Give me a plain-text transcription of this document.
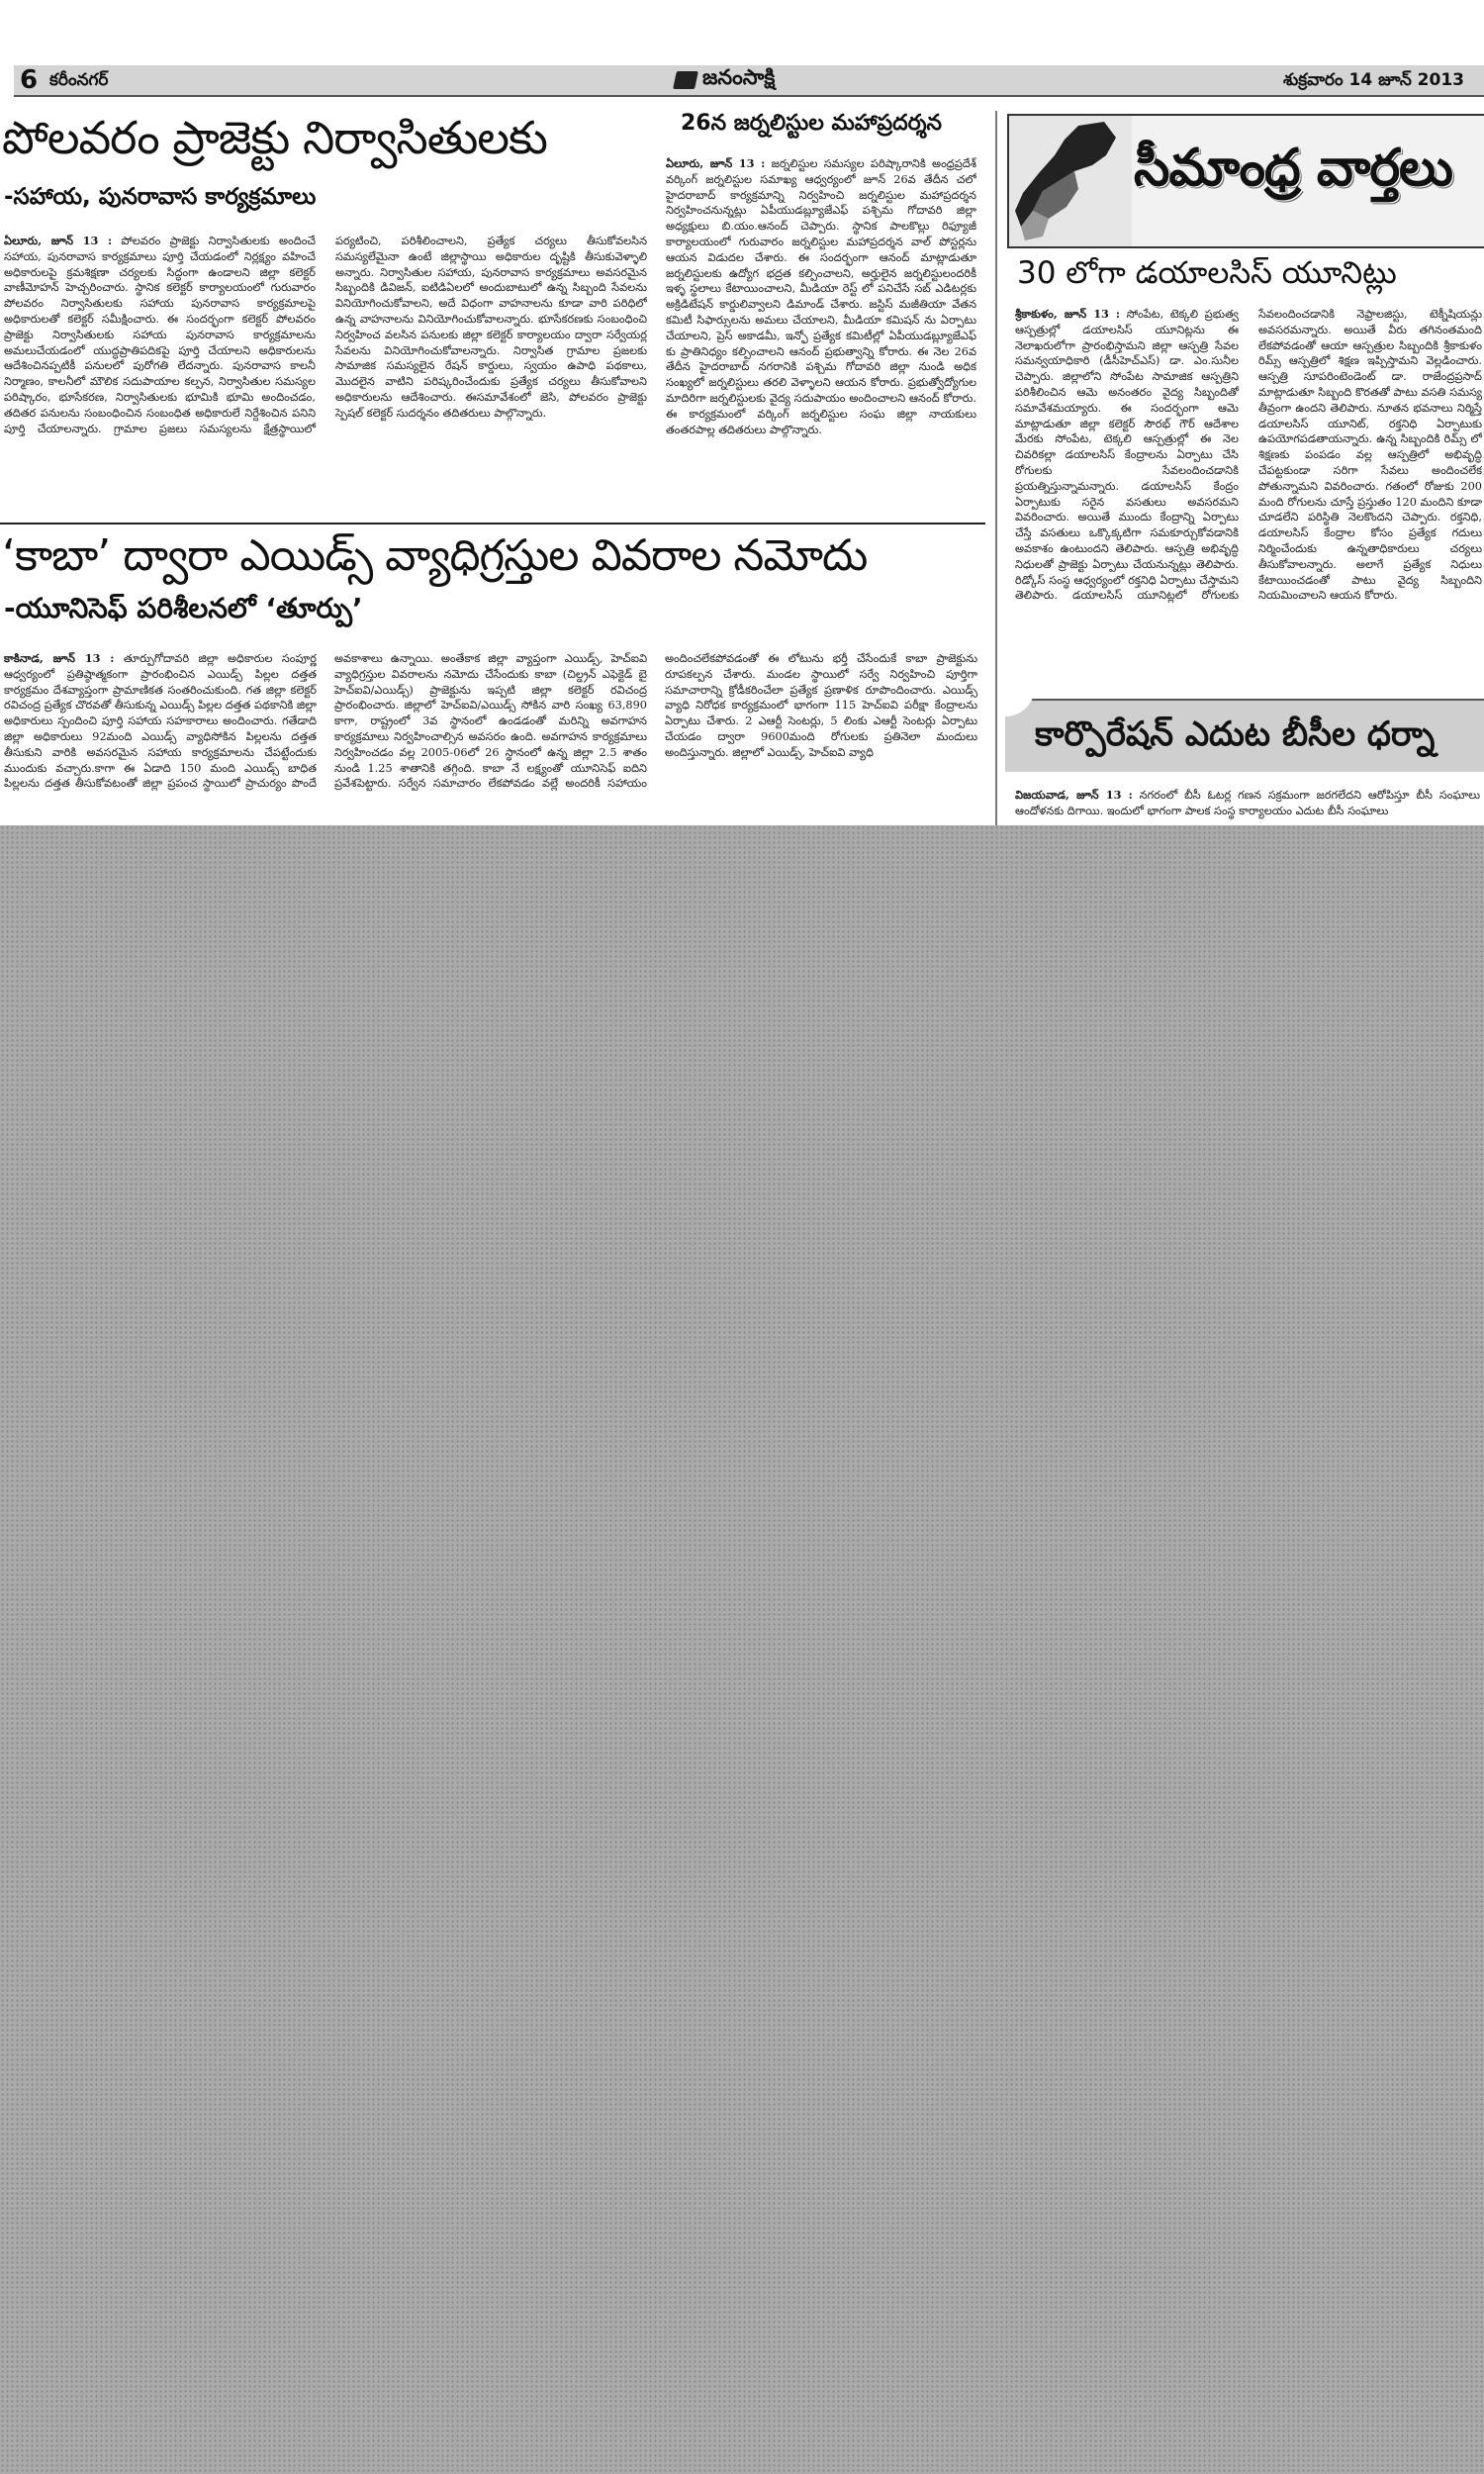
6 కరీంనగర్	జనంసాక్షి	శుక్రవారం 14 జూన్ 2013
పోలవరం ప్రాజెక్టు నిర్వాసితులకు
-సహాయ, పునరావాస కార్యక్రమాలు
ఏలూరు, జూన్ 13 : పోలవరం ప్రాజెక్టు నిర్వాసితులకు అందించే సహాయ, పునరావాస కార్యక్రమాలు పూర్తి చేయడంలో నిర్లక్ష్యం వహించే అధికారులపై క్రమశిక్షణా చర్యలకు సిద్ధంగా ఉండాలని జిల్లా కలెక్టర్ వాణీమోహన్ హెచ్చరించారు. స్థానిక కలెక్టర్ కార్యాలయంలో గురువారం పోలవరం నిర్వాసితులకు సహాయ పునరావాస కార్యక్రమాలపై అధికారులతో కలెక్టర్ సమీక్షించారు. ఈ సందర్భంగా కలెక్టర్ పోలవరం ప్రాజెక్టు నిర్వాసితులకు సహాయ పునరావాస కార్యక్రమాలను అమలుచేయడంలో యుద్ధప్రాతిపదికపై పూర్తి చేయాలని అధికారులను ఆదేశించినప్పటికీ పనులలో పురోగతి లేదన్నారు. పునరావాస కాలనీ నిర్మాణం, కాలనీలో మౌలిక సదుపాయాల కల్పన, నిర్వాసితుల సమస్యల పరిష్కారం, భూసేకరణ, నిర్వాసితులకు భూమికి భూమి అందించడం, తదితర పనులను సంబంధించిన సంబంధిత అధికారులే నిర్దేశించిన పనిని పూర్తి చేయాలన్నారు. గ్రామాల ప్రజలు సమస్యలను క్షేత్రస్థాయిలో పర్యటించి, పరిశీలించాలని, ప్రత్యేక చర్యలు తీసుకోవలసిన సమస్యలేమైనా ఉంటే జిల్లాస్థాయి అధికారుల దృష్టికి తీసుకువెళ్ళాలి అన్నారు. నిర్వాసితుల సహాయ, పునరావాస కార్యక్రమాలు అవసరమైన సిబ్బందికి డివిజన్, ఐటిడిఏలలో అందుబాటులో ఉన్న సిబ్బంది సేవలను వినియోగించుకోవాలని, అదే విధంగా వాహనాలను కూడా వారి పరిధిలో ఉన్న వాహనాలను వినియోగించుకోవాలన్నారు. భూసేకరణకు సంబంధించి నిర్వహించ వలసిన పనులకు జిల్లా కలెక్టర్ కార్యాలయం ద్వారా సర్వేయర్ల సేవలను వినియోగించుకోవాలన్నారు. నిర్వాసిత గ్రామాల ప్రజలకు సామాజిక సమస్యలైన రేషన్ కార్డులు, స్వయం ఉపాధి పథకాలు, మొదలైన వాటిని పరిష్కరించేందుకు ప్రత్యేక చర్యలు తీసుకోవాలని అధికారులను ఆదేశించారు. ఈసమావేశంలో జెసి, పోలవరం ప్రాజెక్టు స్పెషల్ కలెక్టర్ సుదర్శనం తదితరులు పాల్గొన్నారు.
26న జర్నలిస్టుల మహాప్రదర్శన
ఏలూరు, జూన్ 13 : జర్నలిస్టుల సమస్యల పరిష్కారానికి అంధ్రప్రదేశ్ వర్కింగ్ జర్నలిస్టుల సమాఖ్య ఆధ్వర్యంలో జూన్ 26వ తేదీన చలో హైదరాబాద్ కార్యక్రమాన్ని నిర్వహించి జర్నలిస్టుల మహాప్రదర్శన నిర్వహించనున్నట్లు ఏపీయుడబ్ల్యూజేఎఫ్ పశ్చిమ గోదావరి జిల్లా అధ్యక్షులు బి.యం.ఆనంద్ చెప్పారు. స్థానిక పాలకొల్లు రిఫ్యూజీ కార్యాలయంలో గురువారం జర్నలిస్టుల మహాప్రదర్శన వాల్ పోస్టర్లను ఆయన విడుదల చేశారు. ఈ సందర్భంగా ఆనంద్ మాట్లాడుతూ జర్నలిస్టులకు ఉద్యోగ భద్రత కల్పించాలని, అర్హులైన జర్నలిస్టులందరికీ ఇళ్ళ స్థలాలు కేటాయించాలని, మీడియా రెస్ట్ లో పనిచేసే సబ్ ఎడిటర్లకు అక్రిడిటేషన్ కార్డులివ్వాలని డిమాండ్ చేశారు. జస్టిస్ మజీతియా వేతన కమిటీ సిఫార్సులను అమలు చేయాలని, మీడియా కమిషన్ ను ఏర్పాటు చేయాలని, ప్రెస్ అకాడమీ, ఇన్ఫో ప్రత్యేక కమిటీల్లో ఏపీయుడబ్ల్యూజేఎఫ్ కు ప్రాతినిధ్యం కల్పించాలని ఆనంద్ ప్రభుత్వాన్ని కోరారు. ఈ నెల 26వ తేదీన హైదరాబాద్ నగరానికి పశ్చిమ గోదావరి జిల్లా నుండి అధిక సంఖ్యలో జర్నలిస్టులు తరలి వెళ్ళాలని ఆయన కోరారు. ప్రభుత్వోద్యోగుల మాదిరిగా జర్నలిస్టులకు వైద్య సదుపాయం అందించాలని ఆనంద్ కోరారు. ఈ కార్యక్రమంలో వర్కింగ్ జర్నలిస్టుల సంఘ జిల్లా నాయకులు తంతరపాల్ల తదితరులు పాల్గొన్నారు.
‘కాబా’ ద్వారా ఎయిడ్స్ వ్యాధిగ్రస్తుల వివరాల నమోదు
-యూనిసెఫ్ పరిశీలనలో ‘తూర్పు’
కాకినాడ, జూన్ 13 : తూర్పుగోదావరి జిల్లా అధికారుల సంపూర్ణ ఆధ్వర్యంలో ప్రతిష్ఠాత్మకంగా ప్రారంభించిన ఎయిడ్స్ పిల్లల దత్తత కార్యక్రమం దేశవ్యాప్తంగా ప్రామాణికత సంతరించుకుంది. గత జిల్లా కలెక్టర్ రవిచంద్ర ప్రత్యేక చొరవతో తీసుకున్న ఎయిడ్స్ పిల్లల దత్తత పథకానికి జిల్లా అధికారులు స్పందించి పూర్తి సహాయ సహకారాలు అందించారు. గతేడాది జిల్లా అధికారులు 92మంది ఎయిడ్స్ వ్యాధిసోకిన పిల్లలను దత్తత తీసుకుని వారికి అవసరమైన సహాయ కార్యక్రమాలను చేపట్టేందుకు ముందుకు వచ్చారు.కాగా ఈ ఏడాది 150 మంది ఎయిడ్స్ బాధిత పిల్లలను దత్తత తీసుకోవటంతో జిల్లా ప్రపంచ స్థాయిలో ప్రాచుర్యం పొందే అవకాశాలు ఉన్నాయి. అంతేకాక జిల్లా వ్యాప్తంగా ఎయిడ్స్, హెచ్ఐవి వ్యాధిగ్రస్తుల వివరాలను నమోదు చేసేందుకు కాబా (చిల్డ్రన్ ఎఫెక్టెడ్ బై హెచ్ఐవి/ఎయిడ్స్) ప్రాజెక్టును ఇప్పటి జిల్లా కలెక్టర్ రవిచంద్ర ప్రారంభించారు. జిల్లాలో హెచ్ఐవి/ఎయిడ్స్ సోకిన వారి సంఖ్య 63,890 కాగా, రాష్ట్రంలో 3వ స్థానంలో ఉండడంతో మరిన్ని అవగాహన కార్యక్రమాలు నిర్వహించాల్సిన అవసరం ఉంది. అవగాహన కార్యక్రమాలు నిర్వహించడం వల్ల 2005-06లో 26 స్థానంలో ఉన్న జిల్లా 2.5 శాతం నుండి 1.25 శాతానికి తగ్గింది. కాబా నే లక్ష్యంతో యూనిసెఫ్ ఐదిని ప్రవేశపెట్టారు. సర్వేన సమాచారం లేకపోవడం వల్లే అందరికీ సహాయం అందించలేకపోవడంతో ఈ లోటును భర్తీ చేసేందుకే కాబా ప్రాజెక్టును రూపకల్పన చేశారు. మండల స్థాయిలో సర్వే నిర్వహించి పూర్తిగా సమాచారాన్ని క్రోడీకరించేలా ప్రత్యేక ప్రణాళిక రూపొందించారు. ఎయిడ్స్ వ్యాధి నిరోధక కార్యక్రమంలో భాగంగా 115 హెచ్ఐవి పరీక్షా కేంద్రాలను ఏర్పాటు చేశారు. 2 ఎఆర్టీ సెంటర్లు, 5 లింకు ఎఆర్టీ సెంటర్లు ఏర్పాటు చేయడం ద్వారా 9600మంది రోగులకు ప్రతినెలా మందులు అందిస్తున్నారు. జిల్లాలో ఎయిడ్స్, హెచ్ఐవి వ్యాధి
సీమాంధ్ర వార్తలు
30 లోగా డయాలసిస్ యూనిట్లు
శ్రీకాకుళం, జూన్ 13 : సోంపేట, టెక్కలి ప్రభుత్వ ఆస్పత్రుల్లో డయాలసిస్ యూనిట్లను ఈ నెలాఖరులోగా ప్రారంభిస్తామని జిల్లా ఆస్పత్రి సేవల సమన్వయాధికారి (డీసీహెచ్ఎస్) డా. ఎం.సునీల చెప్పారు. జిల్లాలోని సోంపేట సామాజిక ఆస్పత్రిని పరిశీలించిన ఆమె అనంతరం వైద్య సిబ్బందితో సమావేశమయ్యారు. ఈ సందర్భంగా ఆమె మాట్లాడుతూ జిల్లా కలెక్టర్ సౌరభ్ గౌర్ ఆదేశాల మేరకు సోంపేట, టెక్కలి ఆస్పత్రుల్లో ఈ నెల చివరికల్లా డయాలసిస్ కేంద్రాలను ఏర్పాటు చేసి రోగులకు సేవలందించడానికి ప్రయత్నిస్తున్నామన్నారు. డయాలసిస్ కేంద్రం ఏర్పాటుకు సరైన వసతులు అవసరమని వివరించారు. అయితే ముందు కేంద్రాన్ని ఏర్పాటు చేస్తే వసతులు ఒక్కొక్కటిగా సమకూర్చుకోవడానికి అవకాశం ఉంటుందని తెలిపారు. ఆస్పత్రి అభివృద్ధి నిధులతో ప్రాజెక్టు ఏర్పాటు చేయనున్నట్లు తెలిపారు. రిడ్కోస్ సంస్థ ఆధ్వర్యంలో రక్తనిధి ఏర్పాటు చేస్తామని తెలిపారు. డయాలసిస్ యూనిట్లలో రోగులకు సేవలందించడానికి నెఫ్రాలజిస్టు, టెక్నీషియన్లు అవసరమన్నారు. అయితే వీరు తగినంతమంది లేకపోవడంతో ఆయా ఆస్పత్రుల సిబ్బందికి శ్రీకాకుళం రిమ్స్ ఆస్పత్రిలో శిక్షణ ఇప్పిస్తామని వెల్లడించారు. ఆస్పత్రి సూపరింటెండెంట్ డా. రాజేంద్రప్రసాద్ మాట్లాడుతూ సిబ్బంది కొరతతో పాటు వసతి సమస్య తీవ్రంగా ఉందని తెలిపారు. నూతన భవనాలు నిర్మిస్తే డయాలసిస్ యూనిట్, రక్తనిధి ఏర్పాటుకు ఉపయోగపడతాయన్నారు. ఉన్న సిబ్బందికి రిమ్స్ లో శిక్షణకు పంపడం వల్ల ఆస్పత్రిలో అభివృద్ధి చేపట్టకుండా సరిగా సేవలు అందించలేక పోతున్నామని వివరించారు. గతంలో రోజుకు 200 మంది రోగులను చూస్తే ప్రస్తుతం 120 మందిని కూడా చూడలేని పరిస్థితి నెలకొందని చెప్పారు. రక్తనిధి, డయాలసిస్ కేంద్రాల కోసం ప్రత్యేక గదులు నిర్మించేందుకు ఉన్నతాధికారులు చర్యలు తీసుకోవాలన్నారు. అలాగే ప్రత్యేక నిధులు కేటాయించడంతో పాటు వైద్య సిబ్బందిని నియమించాలని ఆయన కోరారు.
కార్పొరేషన్ ఎదుట బీసీల ధర్నా
విజయవాడ, జూన్ 13 : నగరంలో బీసీ ఓటర్ల గణన సక్రమంగా జరగలేదని ఆరోపిస్తూ బీసీ సంఘాలు ఆందోళనకు దిగాయి. ఇందులో భాగంగా పాలక సంస్థ కార్యాలయం ఎదుట బీసీ సంఘాలు
